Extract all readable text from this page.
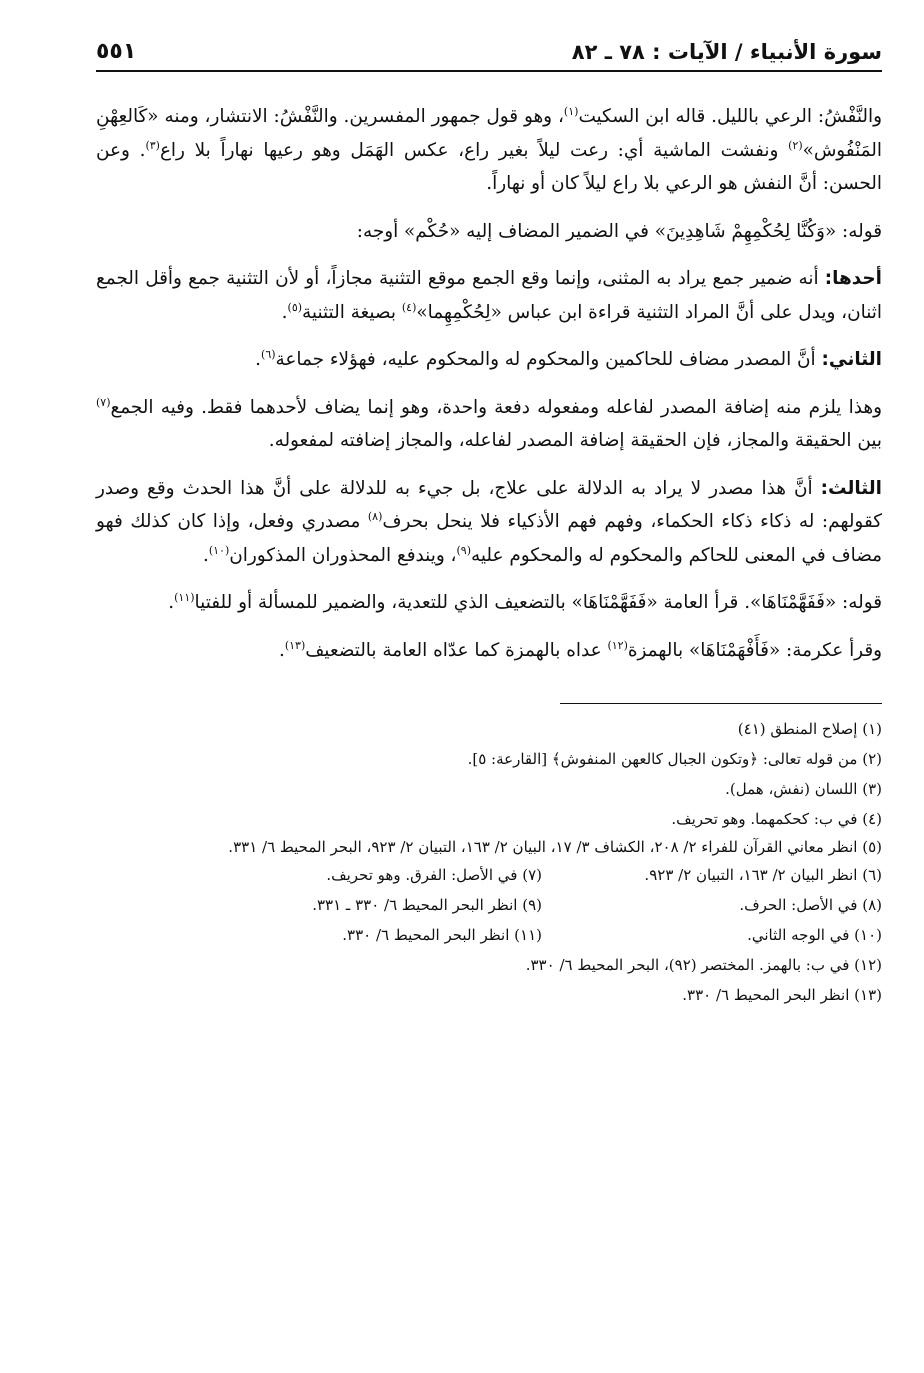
سورة الأنبياء / الآيات : ٧٨ ـ ٨٢
٥٥١

والنَّفْشُ: الرعي بالليل. قاله ابن السكيت$^{(١)}$، وهو قول جمهور المفسرين. والنَّفْشُ: الانتشار، ومنه «كَالعِهْنِ المَنْفُوش»$^{(٢)}$ ونفشت الماشية أي: رعت ليلاً بغير راع، عكس الهَمَل وهو رعيها نهاراً بلا راع$^{(٣)}$. وعن الحسن: أنَّ النفش هو الرعي بلا راع ليلاً كان أو نهاراً.

قوله: «وَكُنَّا لِحُكْمِهِمْ شَاهِدِينَ» في الضمير المضاف إليه «حُكْم» أوجه:

أحدها: أنه ضمير جمع يراد به المثنى، وإنما وقع الجمع موقع التثنية مجازاً، أو لأن التثنية جمع وأقل الجمع اثنان، ويدل على أنَّ المراد التثنية قراءة ابن عباس «لِحُكْمِهِما»$^{(٤)}$ بصيغة التثنية$^{(٥)}$.

الثاني: أنَّ المصدر مضاف للحاكمين والمحكوم له والمحكوم عليه، فهؤلاء جماعة$^{(٦)}$.

وهذا يلزم منه إضافة المصدر لفاعله ومفعوله دفعة واحدة، وهو إنما يضاف لأحدهما فقط. وفيه الجمع$^{(٧)}$ بين الحقيقة والمجاز، فإن الحقيقة إضافة المصدر لفاعله، والمجاز إضافته لمفعوله.

الثالث: أنَّ هذا مصدر لا يراد به الدلالة على علاج، بل جيء به للدلالة على أنَّ هذا الحدث وقع وصدر كقولهم: له ذكاء ذكاء الحكماء، وفهم فهم الأذكياء فلا ينحل بحرف$^{(٨)}$ مصدري وفعل، وإذا كان كذلك فهو مضاف في المعنى للحاكم والمحكوم له والمحكوم عليه$^{(٩)}$، ويندفع المحذوران المذكوران$^{(١٠)}$.

قوله: «فَفَهَّمْنَاهَا». قرأ العامة «فَفَهَّمْنَاهَا» بالتضعيف الذي للتعدية، والضمير للمسألة أو للفتيا$^{(١١)}$.

وقرأ عكرمة: «فَأَفْهَمْنَاهَا» بالهمزة$^{(١٢)}$ عداه بالهمزة كما عدّاه العامة بالتضعيف$^{(١٣)}$.

(١) إصلاح المنطق (٤١)

(٢) من قوله تعالى: ﴿وتكون الجبال كالعهن المنفوش﴾ [القارعة: ٥].

(٣) اللسان (نفش، همل).

(٤) في ب: كحكمهما. وهو تحريف.

(٥) انظر معاني القرآن للفراء ٢/ ٢٠٨، الكشاف ٣/ ١٧، البيان ٢/ ١٦٣، التبيان ٢/ ٩٢٣، البحر المحيط ٦/ ٣٣١.

(٦) انظر البيان ٢/ ١٦٣، التبيان ٢/ ٩٢٣.

(٧) في الأصل: الفرق. وهو تحريف.

(٨) في الأصل: الحرف.

(٩) انظر البحر المحيط ٦/ ٣٣٠ ـ ٣٣١.

(١٠) في الوجه الثاني.

(١١) انظر البحر المحيط ٦/ ٣٣٠.

(١٢) في ب: بالهمز. المختصر (٩٢)، البحر المحيط ٦/ ٣٣٠.

(١٣) انظر البحر المحيط ٦/ ٣٣٠.
